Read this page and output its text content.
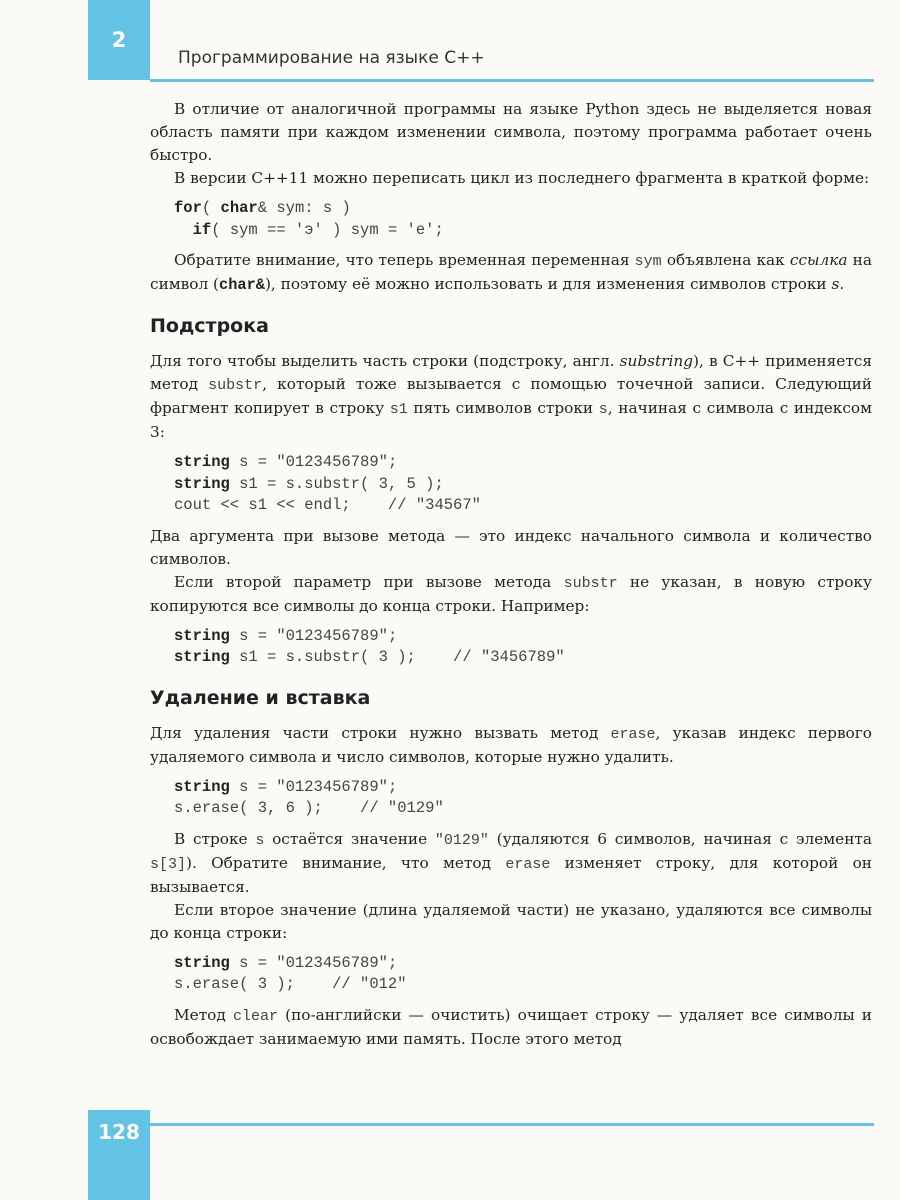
2
Программирование на языке С++

В отличие от аналогичной программы на языке Python здесь не выделяется новая область памяти при каждом изменении символа, поэтому программа работает очень быстро.

В версии С++11 можно переписать цикл из последнего фрагмента в краткой форме:

for( char& sym: s )
if( sym == 'э' ) sym = 'е';

Обратите внимание, что теперь временная переменная sym объявлена как ссылка на символ (char&), поэтому её можно использовать и для изменения символов строки s.

Подстрока

Для того чтобы выделить часть строки (подстроку, англ. substring), в С++ применяется метод substr, который тоже вызывается с помощью точечной записи. Следующий фрагмент копирует в строку s1 пять символов строки s, начиная с символа с индексом 3:

string s = "0123456789";
string s1 = s.substr( 3, 5 );
cout << s1 << endl;    // "34567"

Два аргумента при вызове метода — это индекс начального символа и количество символов.

Если второй параметр при вызове метода substr не указан, в новую строку копируются все символы до конца строки. Например:

string s = "0123456789";
string s1 = s.substr( 3 );    // "3456789"
Удаление и вставка

Для удаления части строки нужно вызвать метод erase, указав индекс первого удаляемого символа и число символов, которые нужно удалить.

string s = "0123456789";
s.erase( 3, 6 );    // "0129"

В строке s остаётся значение "0129" (удаляются 6 символов, начиная с элемента s[3]). Обратите внимание, что метод erase изменяет строку, для которой он вызывается.

Если второе значение (длина удаляемой части) не указано, удаляются все символы до конца строки:

string s = "0123456789";
s.erase( 3 );    // "012"

Метод clear (по-английски — очистить) очищает строку — удаляет все символы и освобождает занимаемую ими память. После этого метод

128
